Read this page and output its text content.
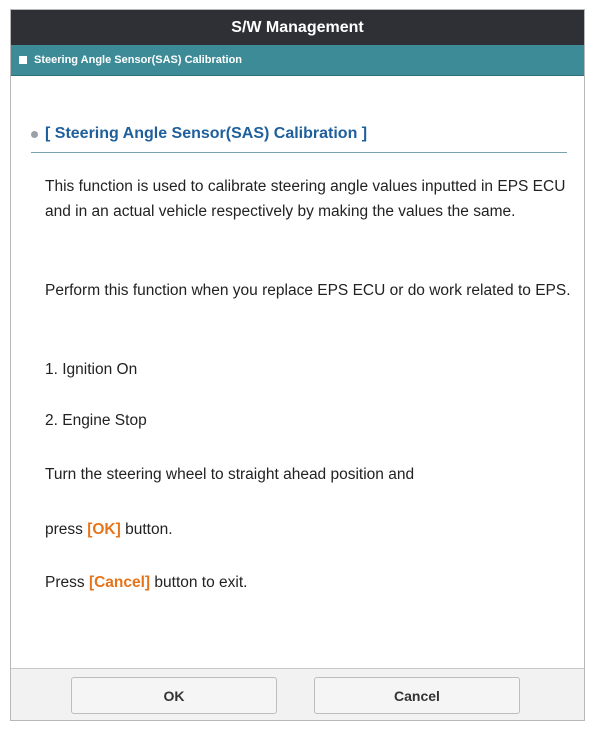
S/W Management
Steering Angle Sensor(SAS) Calibration
[ Steering Angle Sensor(SAS) Calibration ]

This function is used to calibrate steering angle values inputted in EPS ECU and in an actual vehicle respectively by making the values the same.

Perform this function when you replace EPS ECU or do work related to EPS.

1. Ignition On

2. Engine Stop

Turn the steering wheel to straight ahead position and

press [OK] button.

Press [Cancel] button to exit.

OK	Cancel
